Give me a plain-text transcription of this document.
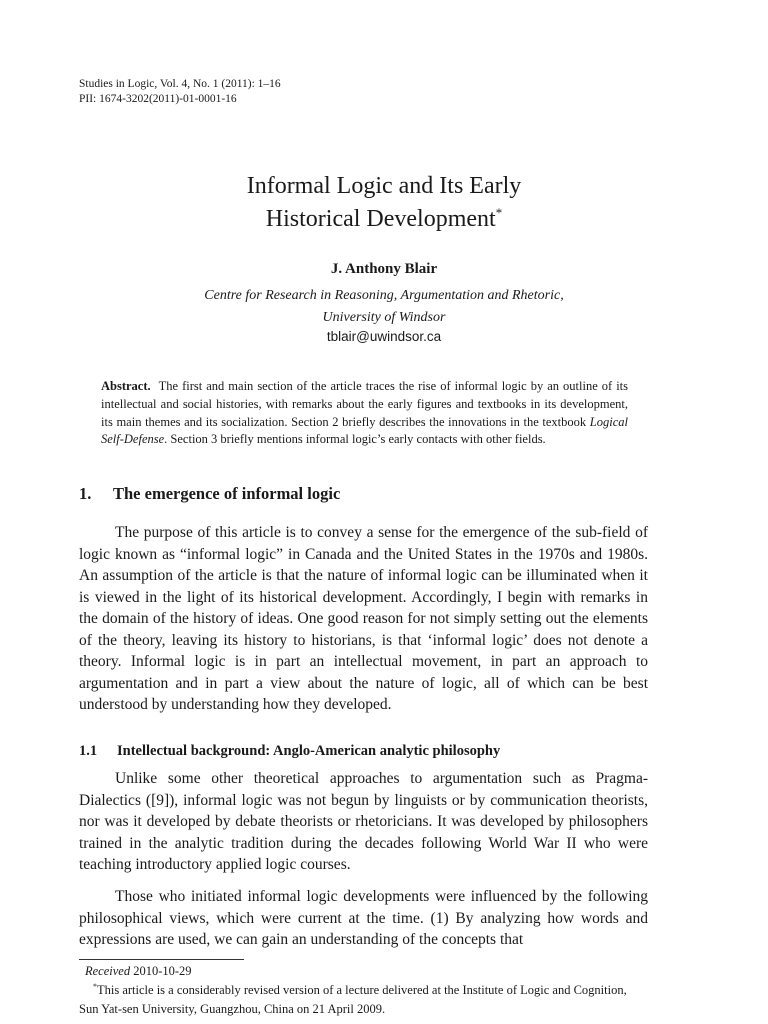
Studies in Logic, Vol. 4, No. 1 (2011): 1–16
PII: 1674-3202(2011)-01-0001-16
Informal Logic and Its Early
Historical Development*
J. Anthony Blair
Centre for Research in Reasoning, Argumentation and Rhetoric,
University of Windsor
tblair@uwindsor.ca
Abstract. The first and main section of the article traces the rise of informal logic by an outline of its intellectual and social histories, with remarks about the early figures and textbooks in its development, its main themes and its socialization. Section 2 briefly describes the innovations in the textbook Logical Self-Defense. Section 3 briefly mentions informal logic’s early contacts with other fields.
1. The emergence of informal logic

The purpose of this article is to convey a sense for the emergence of the sub-field of logic known as “informal logic” in Canada and the United States in the 1970s and 1980s. An assumption of the article is that the nature of informal logic can be illuminated when it is viewed in the light of its historical development. Accordingly, I begin with remarks in the domain of the history of ideas. One good reason for not simply setting out the elements of the theory, leaving its history to historians, is that ‘informal logic’ does not denote a theory. Informal logic is in part an intellectual movement, in part an approach to argumentation and in part a view about the nature of logic, all of which can be best understood by understanding how they developed.

1.1 Intellectual background: Anglo-American analytic philosophy

Unlike some other theoretical approaches to argumentation such as Pragma-Dialectics ([9]), informal logic was not begun by linguists or by communication theorists, nor was it developed by debate theorists or rhetoricians. It was developed by philosophers trained in the analytic tradition during the decades following World War II who were teaching introductory applied logic courses.

Those who initiated informal logic developments were influenced by the following philosophical views, which were current at the time. (1) By analyzing how words and expressions are used, we can gain an understanding of the concepts that

Received 2010-10-29
*This article is a considerably revised version of a lecture delivered at the Institute of Logic and Cognition, Sun Yat-sen University, Guangzhou, China on 21 April 2009.
